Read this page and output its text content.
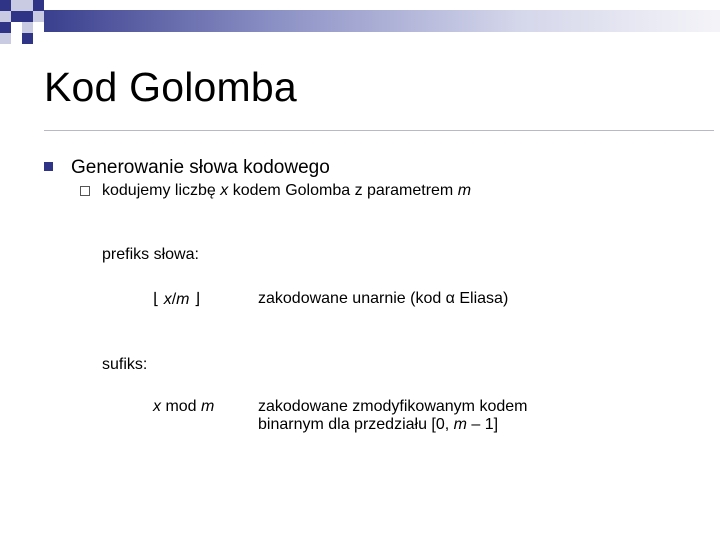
Kod Golomba
Generowanie słowa kodowego
kodujemy liczbę x kodem Golomba z parametrem m
prefiks słowa:
⌊ x/m ⌋	zakodowane unarnie (kod α Eliasa)
sufiks:
x mod m	zakodowane zmodyfikowanym kodem
binarnym dla przedziału [0, m – 1]
